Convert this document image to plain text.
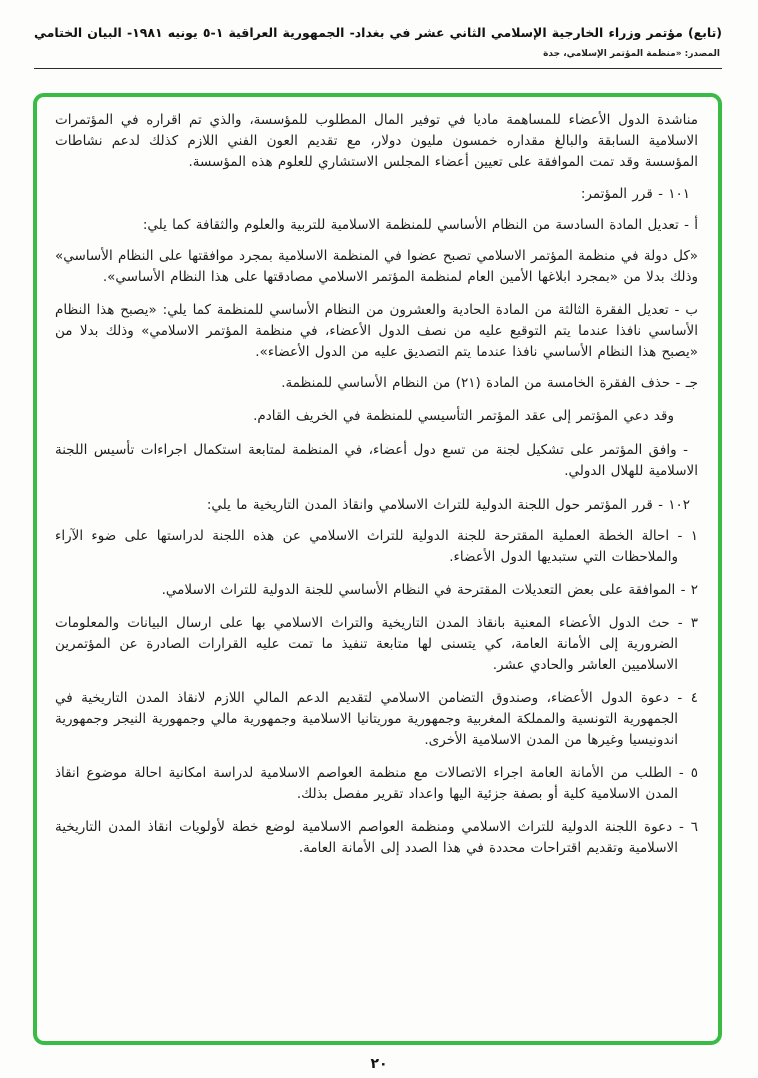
(تابع) مؤتمر وزراء الخارجية الإسلامي الثاني عشر في بغداد- الجمهورية العراقية ١-٥ يونيه ١٩٨١- البيان الختامي
المصدر: «منظمة المؤتمر الإسلامي، جدة

مناشدة الدول الأعضاء للمساهمة ماديا في توفير المال المطلوب للمؤسسة، والذي تم اقراره في المؤتمرات الاسلامية السابقة والبالغ مقداره خمسون مليون دولار، مع تقديم العون الفني اللازم كذلك لدعم نشاطات المؤسسة وقد تمت الموافقة على تعيين أعضاء المجلس الاستشاري للعلوم هذه المؤسسة.

١٠١ - قرر المؤتمر:

أ - تعديل المادة السادسة من النظام الأساسي للمنظمة الاسلامية للتربية والعلوم والثقافة كما يلي:

«كل دولة في منظمة المؤتمر الاسلامي تصبح عضوا في المنظمة الاسلامية بمجرد موافقتها على النظام الأساسي» وذلك بدلا من «بمجرد ابلاغها الأمين العام لمنظمة المؤتمر الاسلامي مصادقتها على هذا النظام الأساسي».

ب - تعديل الفقرة الثالثة من المادة الحادية والعشرون من النظام الأساسي للمنظمة كما يلي: «يصبح هذا النظام الأساسي نافذا عندما يتم التوقيع عليه من نصف الدول الأعضاء، في منظمة المؤتمر الاسلامي» وذلك بدلا من «يصبح هذا النظام الأساسي نافذا عندما يتم التصديق عليه من الدول الأعضاء».

جـ - حذف الفقرة الخامسة من المادة (٢١) من النظام الأساسي للمنظمة.

وقد دعي المؤتمر إلى عقد المؤتمر التأسيسي للمنظمة في الخريف القادم.

- وافق المؤتمر على تشكيل لجنة من تسع دول أعضاء، في المنظمة لمتابعة استكمال اجراءات تأسيس اللجنة الاسلامية للهلال الدولي.

١٠٢ - قرر المؤتمر حول اللجنة الدولية للتراث الاسلامي وانقاذ المدن التاريخية ما يلي:

١ - احالة الخطة العملية المقترحة للجنة الدولية للتراث الاسلامي عن هذه اللجنة لدراستها على ضوء الآراء والملاحظات التي ستبديها الدول الأعضاء.

٢ - الموافقة على بعض التعديلات المقترحة في النظام الأساسي للجنة الدولية للتراث الاسلامي.

٣ - حث الدول الأعضاء المعنية بانقاذ المدن التاريخية والتراث الاسلامي بها على ارسال البيانات والمعلومات الضرورية إلى الأمانة العامة، كي يتسنى لها متابعة تنفيذ ما تمت عليه القرارات الصادرة عن المؤتمرين الاسلاميين العاشر والحادي عشر.

٤ - دعوة الدول الأعضاء، وصندوق التضامن الاسلامي لتقديم الدعم المالي اللازم لانقاذ المدن التاريخية في الجمهورية التونسية والمملكة المغربية وجمهورية موريتانيا الاسلامية وجمهورية مالي وجمهورية النيجر وجمهورية اندونيسيا وغيرها من المدن الاسلامية الأخرى.

٥ - الطلب من الأمانة العامة اجراء الاتصالات مع منظمة العواصم الاسلامية لدراسة امكانية احالة موضوع انقاذ المدن الاسلامية كلية أو بصفة جزئية اليها واعداد تقرير مفصل بذلك.

٦ - دعوة اللجنة الدولية للتراث الاسلامي ومنظمة العواصم الاسلامية لوضع خطة لأولويات انقاذ المدن التاريخية الاسلامية وتقديم اقتراحات محددة في هذا الصدد إلى الأمانة العامة.

٢٠
